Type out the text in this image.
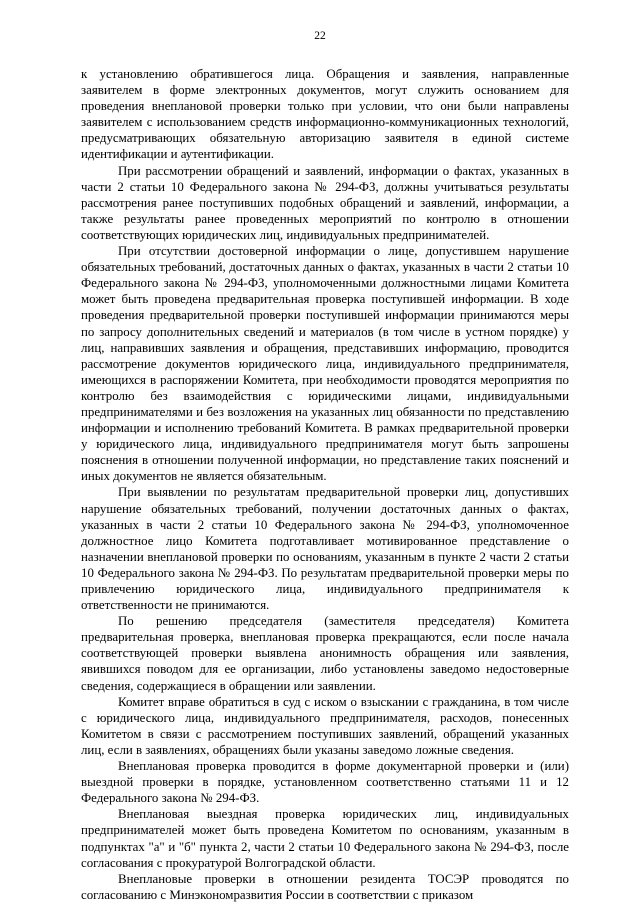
22

к установлению обратившегося лица. Обращения и заявления, направленные заявителем в форме электронных документов, могут служить основанием для проведения внеплановой проверки только при условии, что они были направлены заявителем с использованием средств информационно-коммуникационных технологий, предусматривающих обязательную авторизацию заявителя в единой системе идентификации и аутентификации.

При рассмотрении обращений и заявлений, информации о фактах, указанных в части 2 статьи 10 Федерального закона № 294-ФЗ, должны учитываться результаты рассмотрения ранее поступивших подобных обращений и заявлений, информации, а также результаты ранее проведенных мероприятий по контролю в отношении соответствующих юридических лиц, индивидуальных предпринимателей.

При отсутствии достоверной информации о лице, допустившем нарушение обязательных требований, достаточных данных о фактах, указанных в части 2 статьи 10 Федерального закона № 294-ФЗ, уполномоченными должностными лицами Комитета может быть проведена предварительная проверка поступившей информации. В ходе проведения предварительной проверки поступившей информации принимаются меры по запросу дополнительных сведений и материалов (в том числе в устном порядке) у лиц, направивших заявления и обращения, представивших информацию, проводится рассмотрение документов юридического лица, индивидуального предпринимателя, имеющихся в распоряжении Комитета, при необходимости проводятся мероприятия по контролю без взаимодействия с юридическими лицами, индивидуальными предпринимателями и без возложения на указанных лиц обязанности по представлению информации и исполнению требований Комитета. В рамках предварительной проверки у юридического лица, индивидуального предпринимателя могут быть запрошены пояснения в отношении полученной информации, но представление таких пояснений и иных документов не является обязательным.

При выявлении по результатам предварительной проверки лиц, допустивших нарушение обязательных требований, получении достаточных данных о фактах, указанных в части 2 статьи 10 Федерального закона № 294-ФЗ, уполномоченное должностное лицо Комитета подготавливает мотивированное представление о назначении внеплановой проверки по основаниям, указанным в пункте 2 части 2 статьи 10 Федерального закона № 294-ФЗ. По результатам предварительной проверки меры по привлечению юридического лица, индивидуального предпринимателя к ответственности не принимаются.

По решению председателя (заместителя председателя) Комитета предварительная проверка, внеплановая проверка прекращаются, если после начала соответствующей проверки выявлена анонимность обращения или заявления, явившихся поводом для ее организации, либо установлены заведомо недостоверные сведения, содержащиеся в обращении или заявлении.

Комитет вправе обратиться в суд с иском о взыскании с гражданина, в том числе с юридического лица, индивидуального предпринимателя, расходов, понесенных Комитетом в связи с рассмотрением поступивших заявлений, обращений указанных лиц, если в заявлениях, обращениях были указаны заведомо ложные сведения.

Внеплановая проверка проводится в форме документарной проверки и (или) выездной проверки в порядке, установленном соответственно статьями 11 и 12 Федерального закона № 294-ФЗ.

Внеплановая выездная проверка юридических лиц, индивидуальных предпринимателей может быть проведена Комитетом по основаниям, указанным в подпунктах "а" и "б" пункта 2, части 2 статьи 10 Федерального закона № 294-ФЗ, после согласования с прокуратурой Волгоградской области.

Внеплановые проверки в отношении резидента ТОСЭР проводятся по согласованию с Минэкономразвития России в соответствии с приказом
